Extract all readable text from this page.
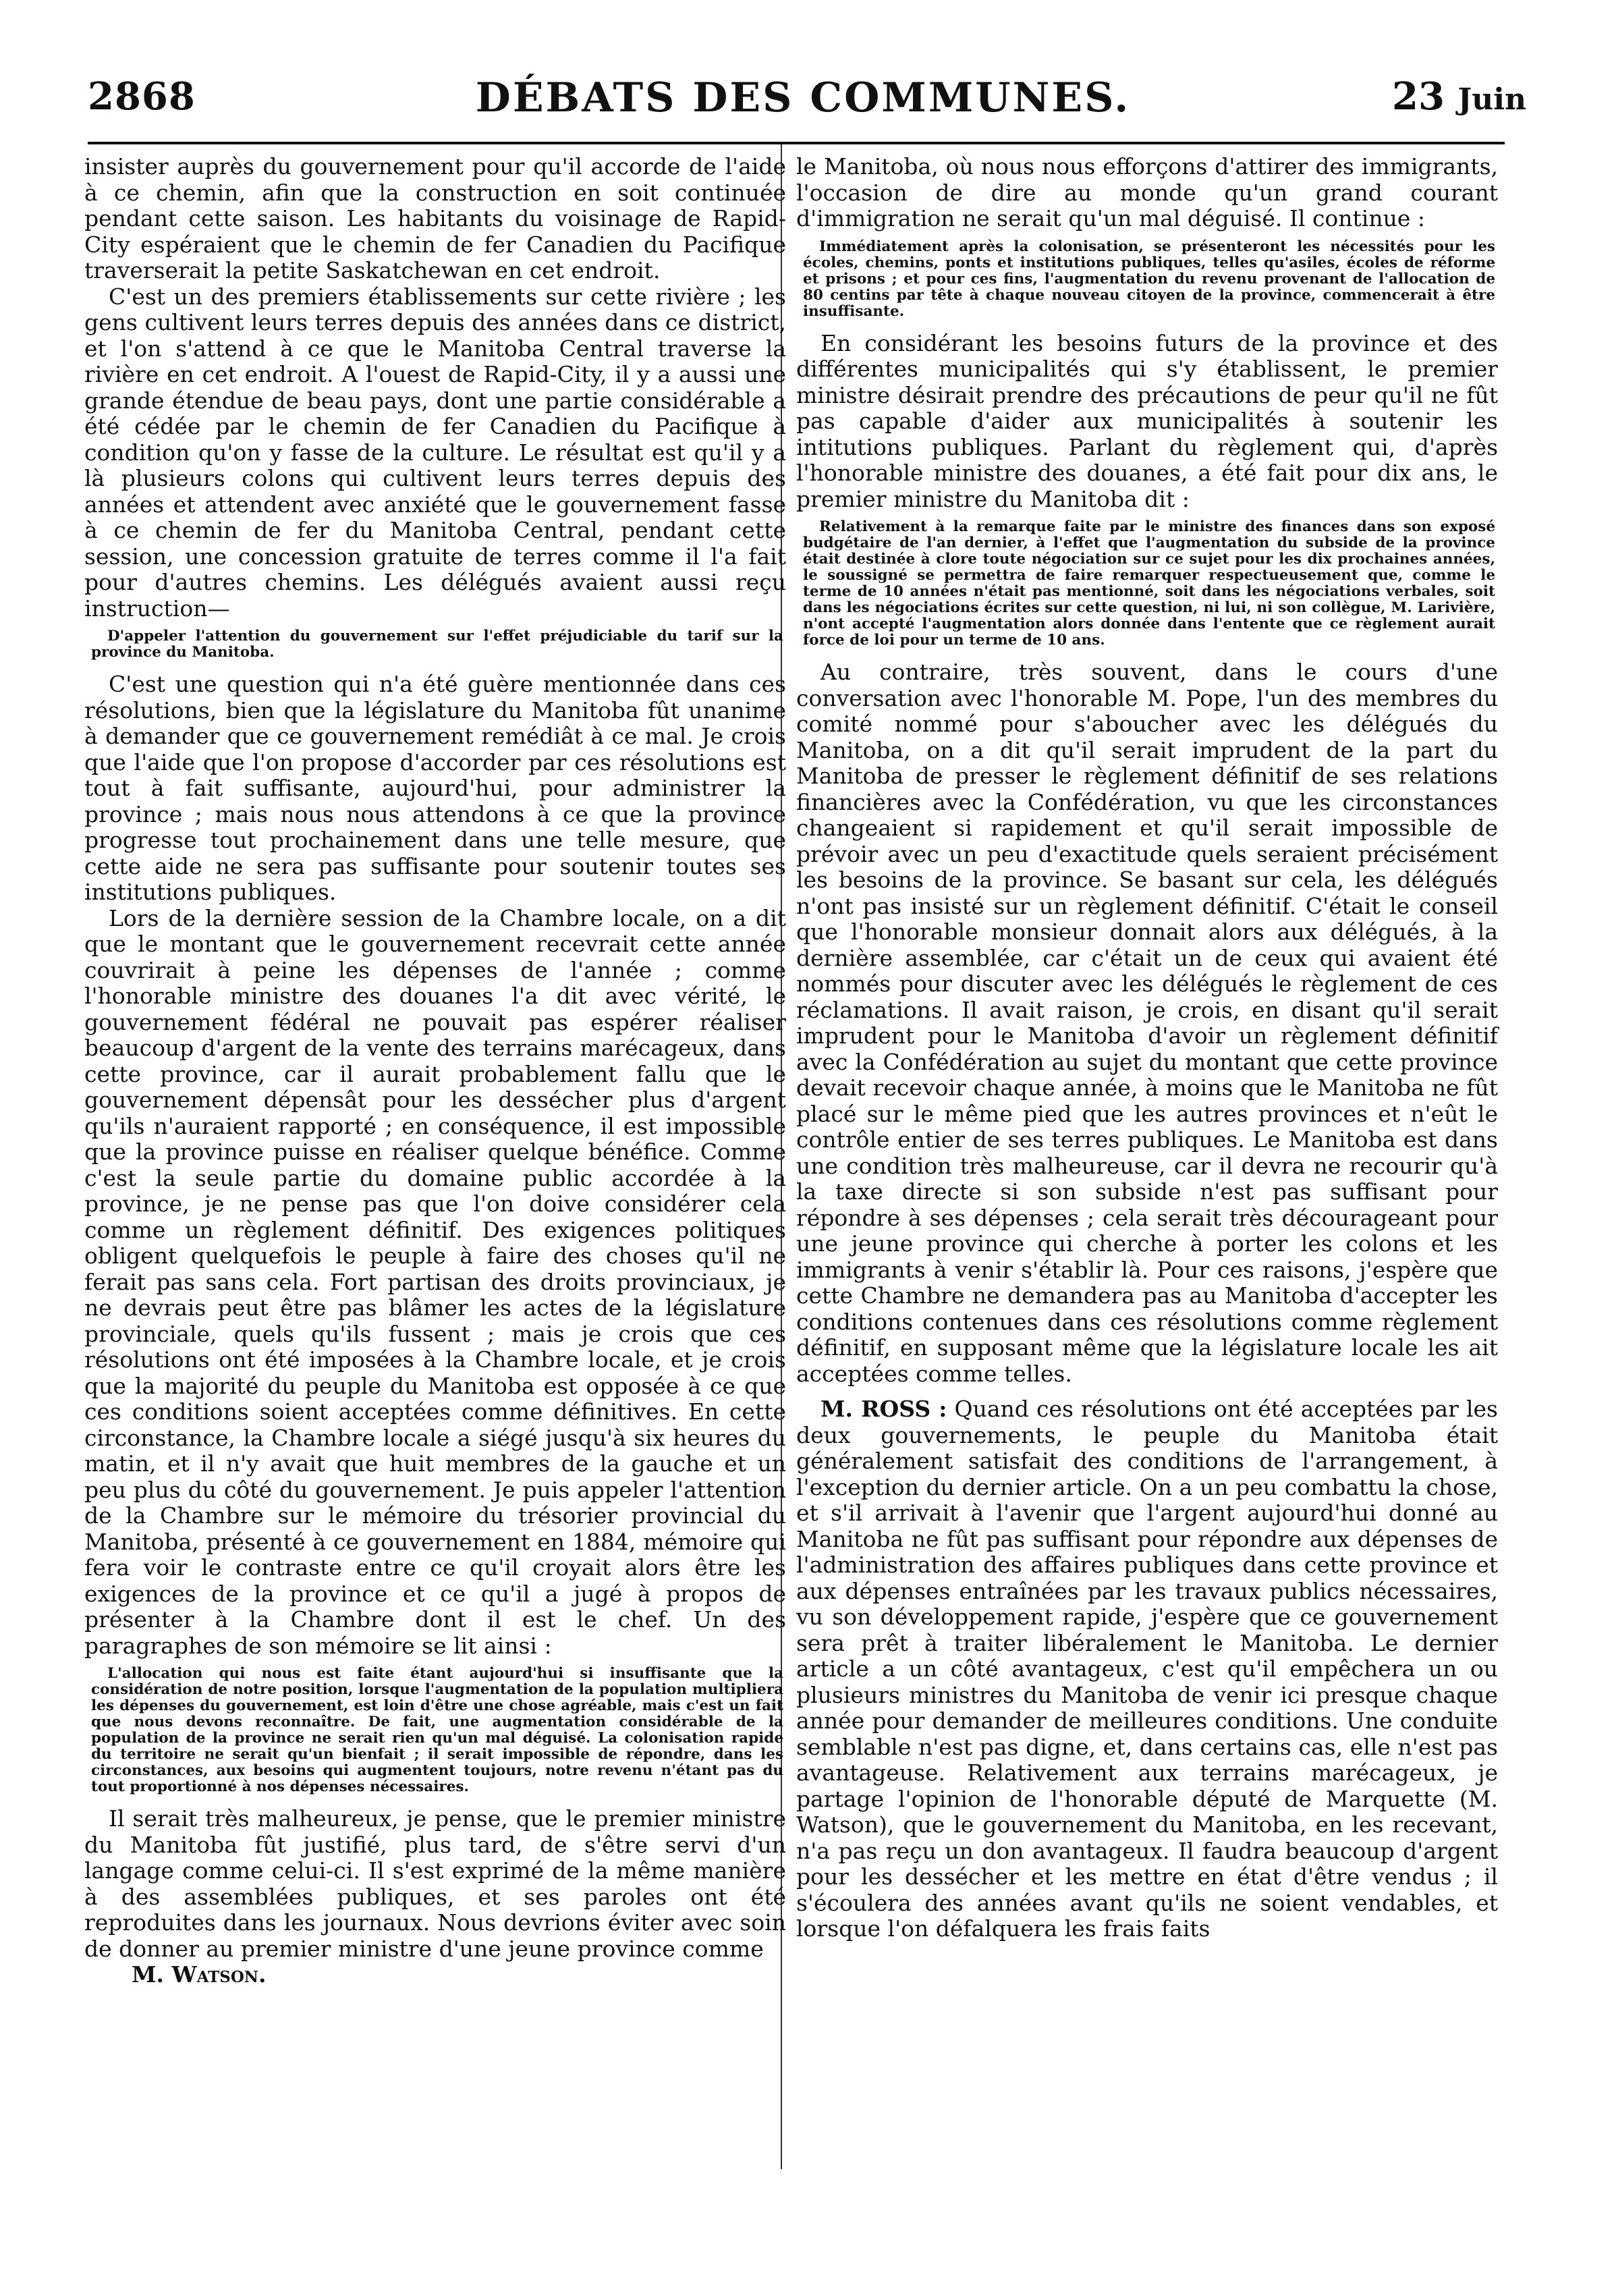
2868	DÉBATS DES COMMUNES.	23 Juin

insister auprès du gouvernement pour qu'il accorde de l'aide à ce chemin, afin que la construction en soit continuée pendant cette saison. Les habitants du voisinage de Rapid-City espéraient que le chemin de fer Canadien du Pacifique traverserait la petite Saskatchewan en cet endroit.

C'est un des premiers établissements sur cette rivière ; les gens cultivent leurs terres depuis des années dans ce district, et l'on s'attend à ce que le Manitoba Central traverse la rivière en cet endroit. A l'ouest de Rapid-City, il y a aussi une grande étendue de beau pays, dont une partie considérable a été cédée par le chemin de fer Canadien du Pacifique à condition qu'on y fasse de la culture. Le résultat est qu'il y a là plusieurs colons qui cultivent leurs terres depuis des années et attendent avec anxiété que le gouvernement fasse à ce chemin de fer du Manitoba Central, pendant cette session, une concession gratuite de terres comme il l'a fait pour d'autres chemins. Les délégués avaient aussi reçu instruction—

D'appeler l'attention du gouvernement sur l'effet préjudiciable du tarif sur la province du Manitoba.

C'est une question qui n'a été guère mentionnée dans ces résolutions, bien que la législature du Manitoba fût unanime à demander que ce gouvernement remédiât à ce mal. Je crois que l'aide que l'on propose d'accorder par ces résolutions est tout à fait suffisante, aujourd'hui, pour administrer la province ; mais nous nous attendons à ce que la province progresse tout prochainement dans une telle mesure, que cette aide ne sera pas suffisante pour soutenir toutes ses institutions publiques.

Lors de la dernière session de la Chambre locale, on a dit que le montant que le gouvernement recevrait cette année couvrirait à peine les dépenses de l'année ; comme l'honorable ministre des douanes l'a dit avec vérité, le gouvernement fédéral ne pouvait pas espérer réaliser beaucoup d'argent de la vente des terrains marécageux, dans cette province, car il aurait probablement fallu que le gouvernement dépensât pour les dessécher plus d'argent qu'ils n'auraient rapporté ; en conséquence, il est impossible que la province puisse en réaliser quelque bénéfice. Comme c'est la seule partie du domaine public accordée à la province, je ne pense pas que l'on doive considérer cela comme un règlement définitif. Des exigences politiques obligent quelquefois le peuple à faire des choses qu'il ne ferait pas sans cela. Fort partisan des droits provinciaux, je ne devrais peut être pas blâmer les actes de la législature provinciale, quels qu'ils fussent ; mais je crois que ces résolutions ont été imposées à la Chambre locale, et je crois que la majorité du peuple du Manitoba est opposée à ce que ces conditions soient acceptées comme définitives. En cette circonstance, la Chambre locale a siégé jusqu'à six heures du matin, et il n'y avait que huit membres de la gauche et un peu plus du côté du gouvernement. Je puis appeler l'attention de la Chambre sur le mémoire du trésorier provincial du Manitoba, présenté à ce gouvernement en 1884, mémoire qui fera voir le contraste entre ce qu'il croyait alors être les exigences de la province et ce qu'il a jugé à propos de présenter à la Chambre dont il est le chef. Un des paragraphes de son mémoire se lit ainsi :

L'allocation qui nous est faite étant aujourd'hui si insuffisante que la considération de notre position, lorsque l'augmentation de la population multipliera les dépenses du gouvernement, est loin d'être une chose agréable, mais c'est un fait que nous devons reconnaître. De fait, une augmentation considérable de la population de la province ne serait rien qu'un mal déguisé. La colonisation rapide du territoire ne serait qu'un bienfait ; il serait impossible de répondre, dans les circonstances, aux besoins qui augmentent toujours, notre revenu n'étant pas du tout proportionné à nos dépenses nécessaires.

Il serait très malheureux, je pense, que le premier ministre du Manitoba fût justifié, plus tard, de s'être servi d'un langage comme celui-ci. Il s'est exprimé de la même manière à des assemblées publiques, et ses paroles ont été reproduites dans les journaux. Nous devrions éviter avec soin de donner au premier ministre d'une jeune province comme

M. Watson.

le Manitoba, où nous nous efforçons d'attirer des immigrants, l'occasion de dire au monde qu'un grand courant d'immigration ne serait qu'un mal déguisé. Il continue :

Immédiatement après la colonisation, se présenteront les nécessités pour les écoles, chemins, ponts et institutions publiques, telles qu'asiles, écoles de réforme et prisons ; et pour ces fins, l'augmentation du revenu provenant de l'allocation de 80 centins par tête à chaque nouveau citoyen de la province, commencerait à être insuffisante.

En considérant les besoins futurs de la province et des différentes municipalités qui s'y établissent, le premier ministre désirait prendre des précautions de peur qu'il ne fût pas capable d'aider aux municipalités à soutenir les intitutions publiques. Parlant du règlement qui, d'après l'honorable ministre des douanes, a été fait pour dix ans, le premier ministre du Manitoba dit :

Relativement à la remarque faite par le ministre des finances dans son exposé budgétaire de l'an dernier, à l'effet que l'augmentation du subside de la province était destinée à clore toute négociation sur ce sujet pour les dix prochaines années, le soussigné se permettra de faire remarquer respectueusement que, comme le terme de 10 années n'était pas mentionné, soit dans les négociations verbales, soit dans les négociations écrites sur cette question, ni lui, ni son collègue, M. Larivière, n'ont accepté l'augmentation alors donnée dans l'entente que ce règlement aurait force de loi pour un terme de 10 ans.

Au contraire, très souvent, dans le cours d'une conversation avec l'honorable M. Pope, l'un des membres du comité nommé pour s'aboucher avec les délégués du Manitoba, on a dit qu'il serait imprudent de la part du Manitoba de presser le règlement définitif de ses relations financières avec la Confédération, vu que les circonstances changeaient si rapidement et qu'il serait impossible de prévoir avec un peu d'exactitude quels seraient précisément les besoins de la province. Se basant sur cela, les délégués n'ont pas insisté sur un règlement définitif. C'était le conseil que l'honorable monsieur donnait alors aux délégués, à la dernière assemblée, car c'était un de ceux qui avaient été nommés pour discuter avec les délégués le règlement de ces réclamations. Il avait raison, je crois, en disant qu'il serait imprudent pour le Manitoba d'avoir un règlement définitif avec la Confédération au sujet du montant que cette province devait recevoir chaque année, à moins que le Manitoba ne fût placé sur le même pied que les autres provinces et n'eût le contrôle entier de ses terres publiques. Le Manitoba est dans une condition très malheureuse, car il devra ne recourir qu'à la taxe directe si son subside n'est pas suffisant pour répondre à ses dépenses ; cela serait très décourageant pour une jeune province qui cherche à porter les colons et les immigrants à venir s'établir là. Pour ces raisons, j'espère que cette Chambre ne demandera pas au Manitoba d'accepter les conditions contenues dans ces résolutions comme règlement définitif, en supposant même que la législature locale les ait acceptées comme telles.

M. ROSS : Quand ces résolutions ont été acceptées par les deux gouvernements, le peuple du Manitoba était généralement satisfait des conditions de l'arrangement, à l'exception du dernier article. On a un peu combattu la chose, et s'il arrivait à l'avenir que l'argent aujourd'hui donné au Manitoba ne fût pas suffisant pour répondre aux dépenses de l'administration des affaires publiques dans cette province et aux dépenses entraînées par les travaux publics nécessaires, vu son développement rapide, j'espère que ce gouvernement sera prêt à traiter libéralement le Manitoba. Le dernier article a un côté avantageux, c'est qu'il empêchera un ou plusieurs ministres du Manitoba de venir ici presque chaque année pour demander de meilleures conditions. Une conduite semblable n'est pas digne, et, dans certains cas, elle n'est pas avantageuse. Relativement aux terrains marécageux, je partage l'opinion de l'honorable député de Marquette (M. Watson), que le gouvernement du Manitoba, en les recevant, n'a pas reçu un don avantageux. Il faudra beaucoup d'argent pour les dessécher et les mettre en état d'être vendus ; il s'écoulera des années avant qu'ils ne soient vendables, et lorsque l'on défalquera les frais faits
